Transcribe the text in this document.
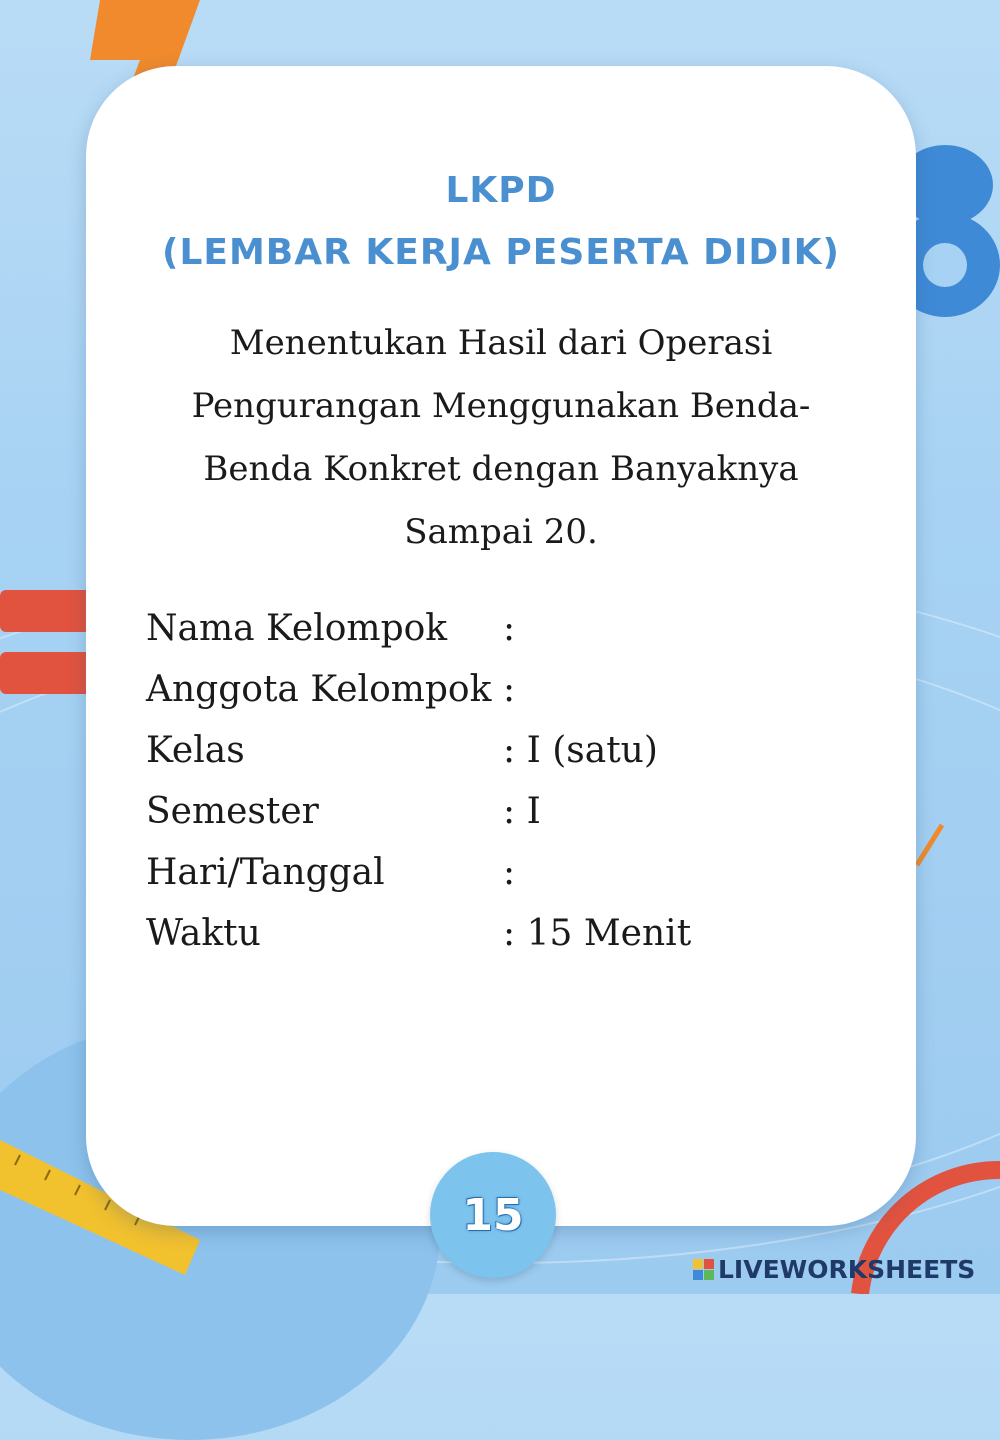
LKPD
(LEMBAR KERJA PESERTA DIDIK)
Menentukan Hasil dari Operasi
Pengurangan Menggunakan Benda-
Benda Konkret dengan Banyaknya
Sampai 20.
Nama Kelompok :
Anggota Kelompok :
Kelas	: I (satu)
Semester	: I
Hari/Tanggal	:
Waktu	: 15 Menit
15
LIVEWORKSHEETS
